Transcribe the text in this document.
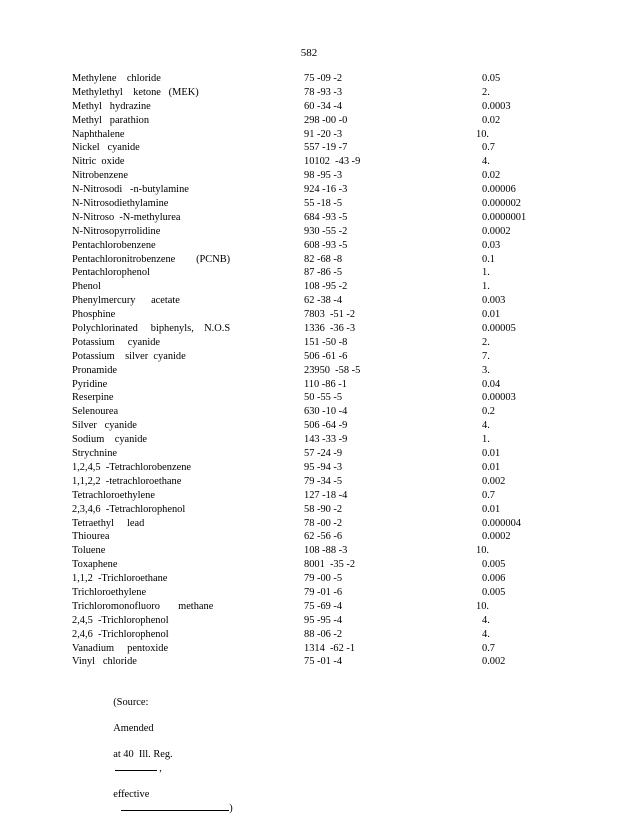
582
Methylene    chloride	75 -09 -2	0.05
Methylethyl    ketone   (MEK)	78 -93 -3	2.
Methyl   hydrazine	60 -34 -4	0.0003
Methyl   parathion	298 -00 -0	0.02
Naphthalene	91 -20 -3	10.
Nickel   cyanide	557 -19 -7	0.7
Nitric  oxide	10102  -43 -9	4.
Nitrobenzene	98 -95 -3	0.02
N-Nitrosodi   -n-butylamine	924 -16 -3	0.00006
N-Nitrosodiethylamine	55 -18 -5	0.000002
N-Nitroso  -N-methylurea	684 -93 -5	0.0000001
N-Nitrosopyrrolidine	930 -55 -2	0.0002
Pentachlorobenzene	608 -93 -5	0.03
Pentachloronitrobenzene        (PCNB)	82 -68 -8	0.1
Pentachlorophenol	87 -86 -5	1.
Phenol	108 -95 -2	1.
Phenylmercury      acetate	62 -38 -4	0.003
Phosphine	7803  -51 -2	0.01
Polychlorinated     biphenyls,    N.O.S	1336  -36 -3	0.00005
Potassium     cyanide	151 -50 -8	2.
Potassium    silver  cyanide	506 -61 -6	7.
Pronamide	23950  -58 -5	3.
Pyridine	110 -86 -1	0.04
Reserpine	50 -55 -5	0.00003
Selenourea	630 -10 -4	0.2
Silver   cyanide	506 -64 -9	4.
Sodium    cyanide	143 -33 -9	1.
Strychnine	57 -24 -9	0.01
1,2,4,5  -Tetrachlorobenzene	95 -94 -3	0.01
1,1,2,2  -tetrachloroethane	79 -34 -5	0.002
Tetrachloroethylene	127 -18 -4	0.7
2,3,4,6  -Tetrachlorophenol	58 -90 -2	0.01
Tetraethyl     lead	78 -00 -2	0.000004
Thiourea	62 -56 -6	0.0002
Toluene	108 -88 -3	10.
Toxaphene	8001  -35 -2	0.005
1,1,2  -Trichloroethane	79 -00 -5	0.006
Trichloroethylene	79 -01 -6	0.005
Trichloromonofluoro       methane	75 -69 -4	10.
2,4,5  -Trichlorophenol	95 -95 -4	4.
2,4,6  -Trichlorophenol	88 -06 -2	4.
Vanadium     pentoxide	1314  -62 -1	0.7
Vinyl   chloride	75 -01 -4	0.002

(Source:

Amended

at 40  Ill. Reg.
,

effective
)
